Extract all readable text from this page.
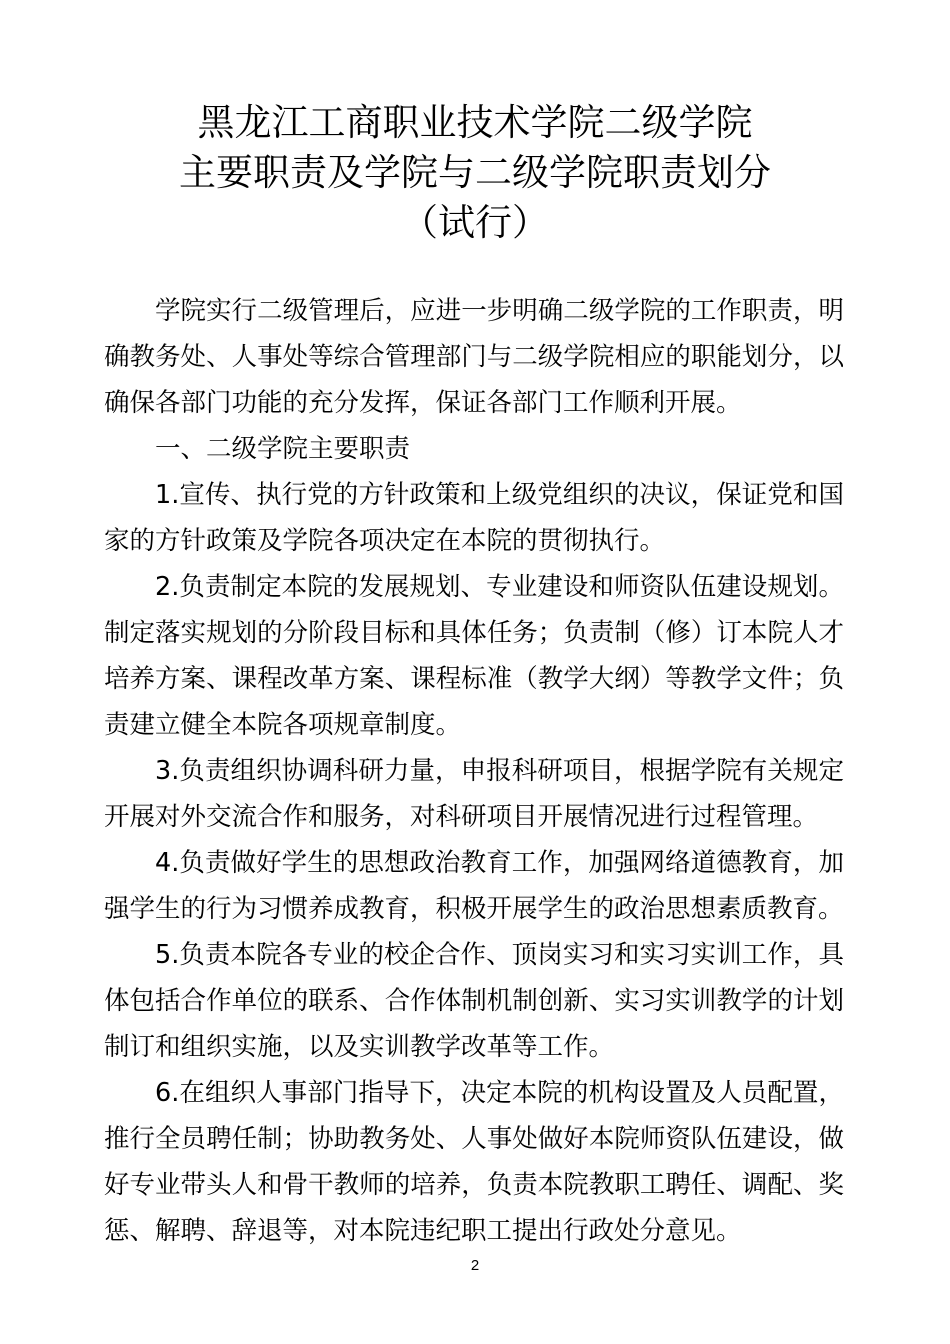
黑龙江工商职业技术学院二级学院
主要职责及学院与二级学院职责划分
（试行）

学院实行二级管理后，应进一步明确二级学院的工作职责，明确教务处、人事处等综合管理部门与二级学院相应的职能划分，以确保各部门功能的充分发挥，保证各部门工作顺利开展。

一、二级学院主要职责

1.宣传、执行党的方针政策和上级党组织的决议，保证党和国家的方针政策及学院各项决定在本院的贯彻执行。

2.负责制定本院的发展规划、专业建设和师资队伍建设规划。制定落实规划的分阶段目标和具体任务；负责制（修）订本院人才培养方案、课程改革方案、课程标准（教学大纲）等教学文件；负责建立健全本院各项规章制度。

3.负责组织协调科研力量，申报科研项目，根据学院有关规定开展对外交流合作和服务，对科研项目开展情况进行过程管理。

4.负责做好学生的思想政治教育工作，加强网络道德教育，加强学生的行为习惯养成教育，积极开展学生的政治思想素质教育。

5.负责本院各专业的校企合作、顶岗实习和实习实训工作，具体包括合作单位的联系、合作体制机制创新、实习实训教学的计划制订和组织实施，以及实训教学改革等工作。

6.在组织人事部门指导下，决定本院的机构设置及人员配置，推行全员聘任制；协助教务处、人事处做好本院师资队伍建设，做好专业带头人和骨干教师的培养，负责本院教职工聘任、调配、奖惩、解聘、辞退等，对本院违纪职工提出行政处分意见。

2
